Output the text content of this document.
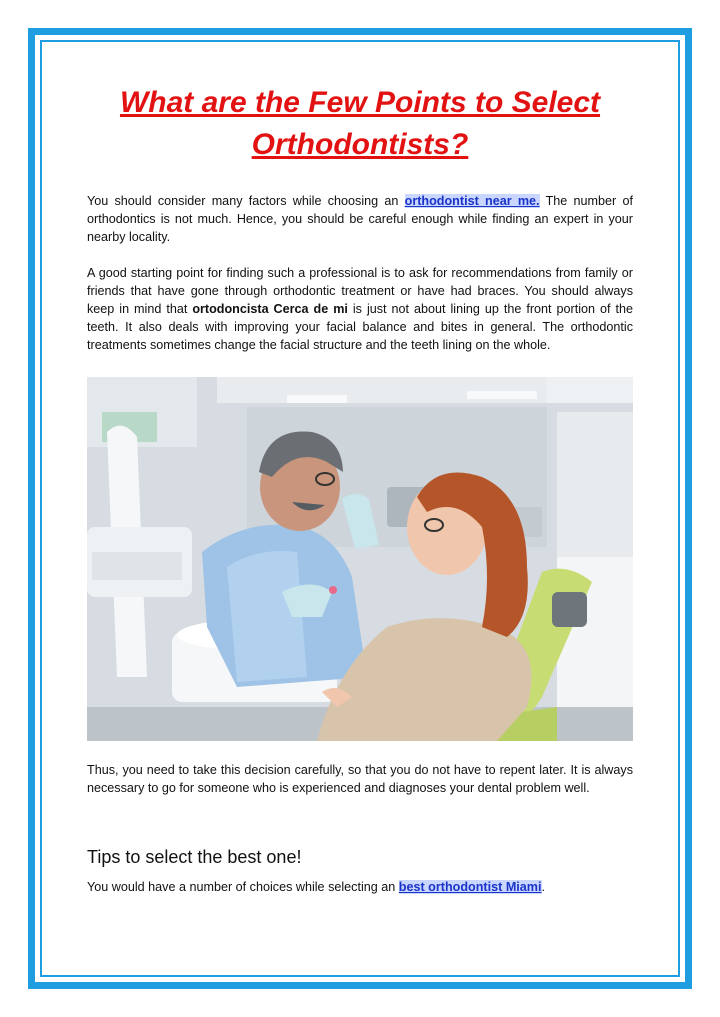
What are the Few Points to Select Orthodontists?

You should consider many factors while choosing an orthodontist near me. The number of orthodontics is not much. Hence, you should be careful enough while finding an expert in your nearby locality.

A good starting point for finding such a professional is to ask for recommendations from family or friends that have gone through orthodontic treatment or have had braces. You should always keep in mind that ortodoncista Cerca de mi is just not about lining up the front portion of the teeth. It also deals with improving your facial balance and bites in general. The orthodontic treatments sometimes change the facial structure and the teeth lining on the whole.

Thus, you need to take this decision carefully, so that you do not have to repent later. It is always necessary to go for someone who is experienced and diagnoses your dental problem well.

Tips to select the best one!

You would have a number of choices while selecting an best orthodontist Miami.
